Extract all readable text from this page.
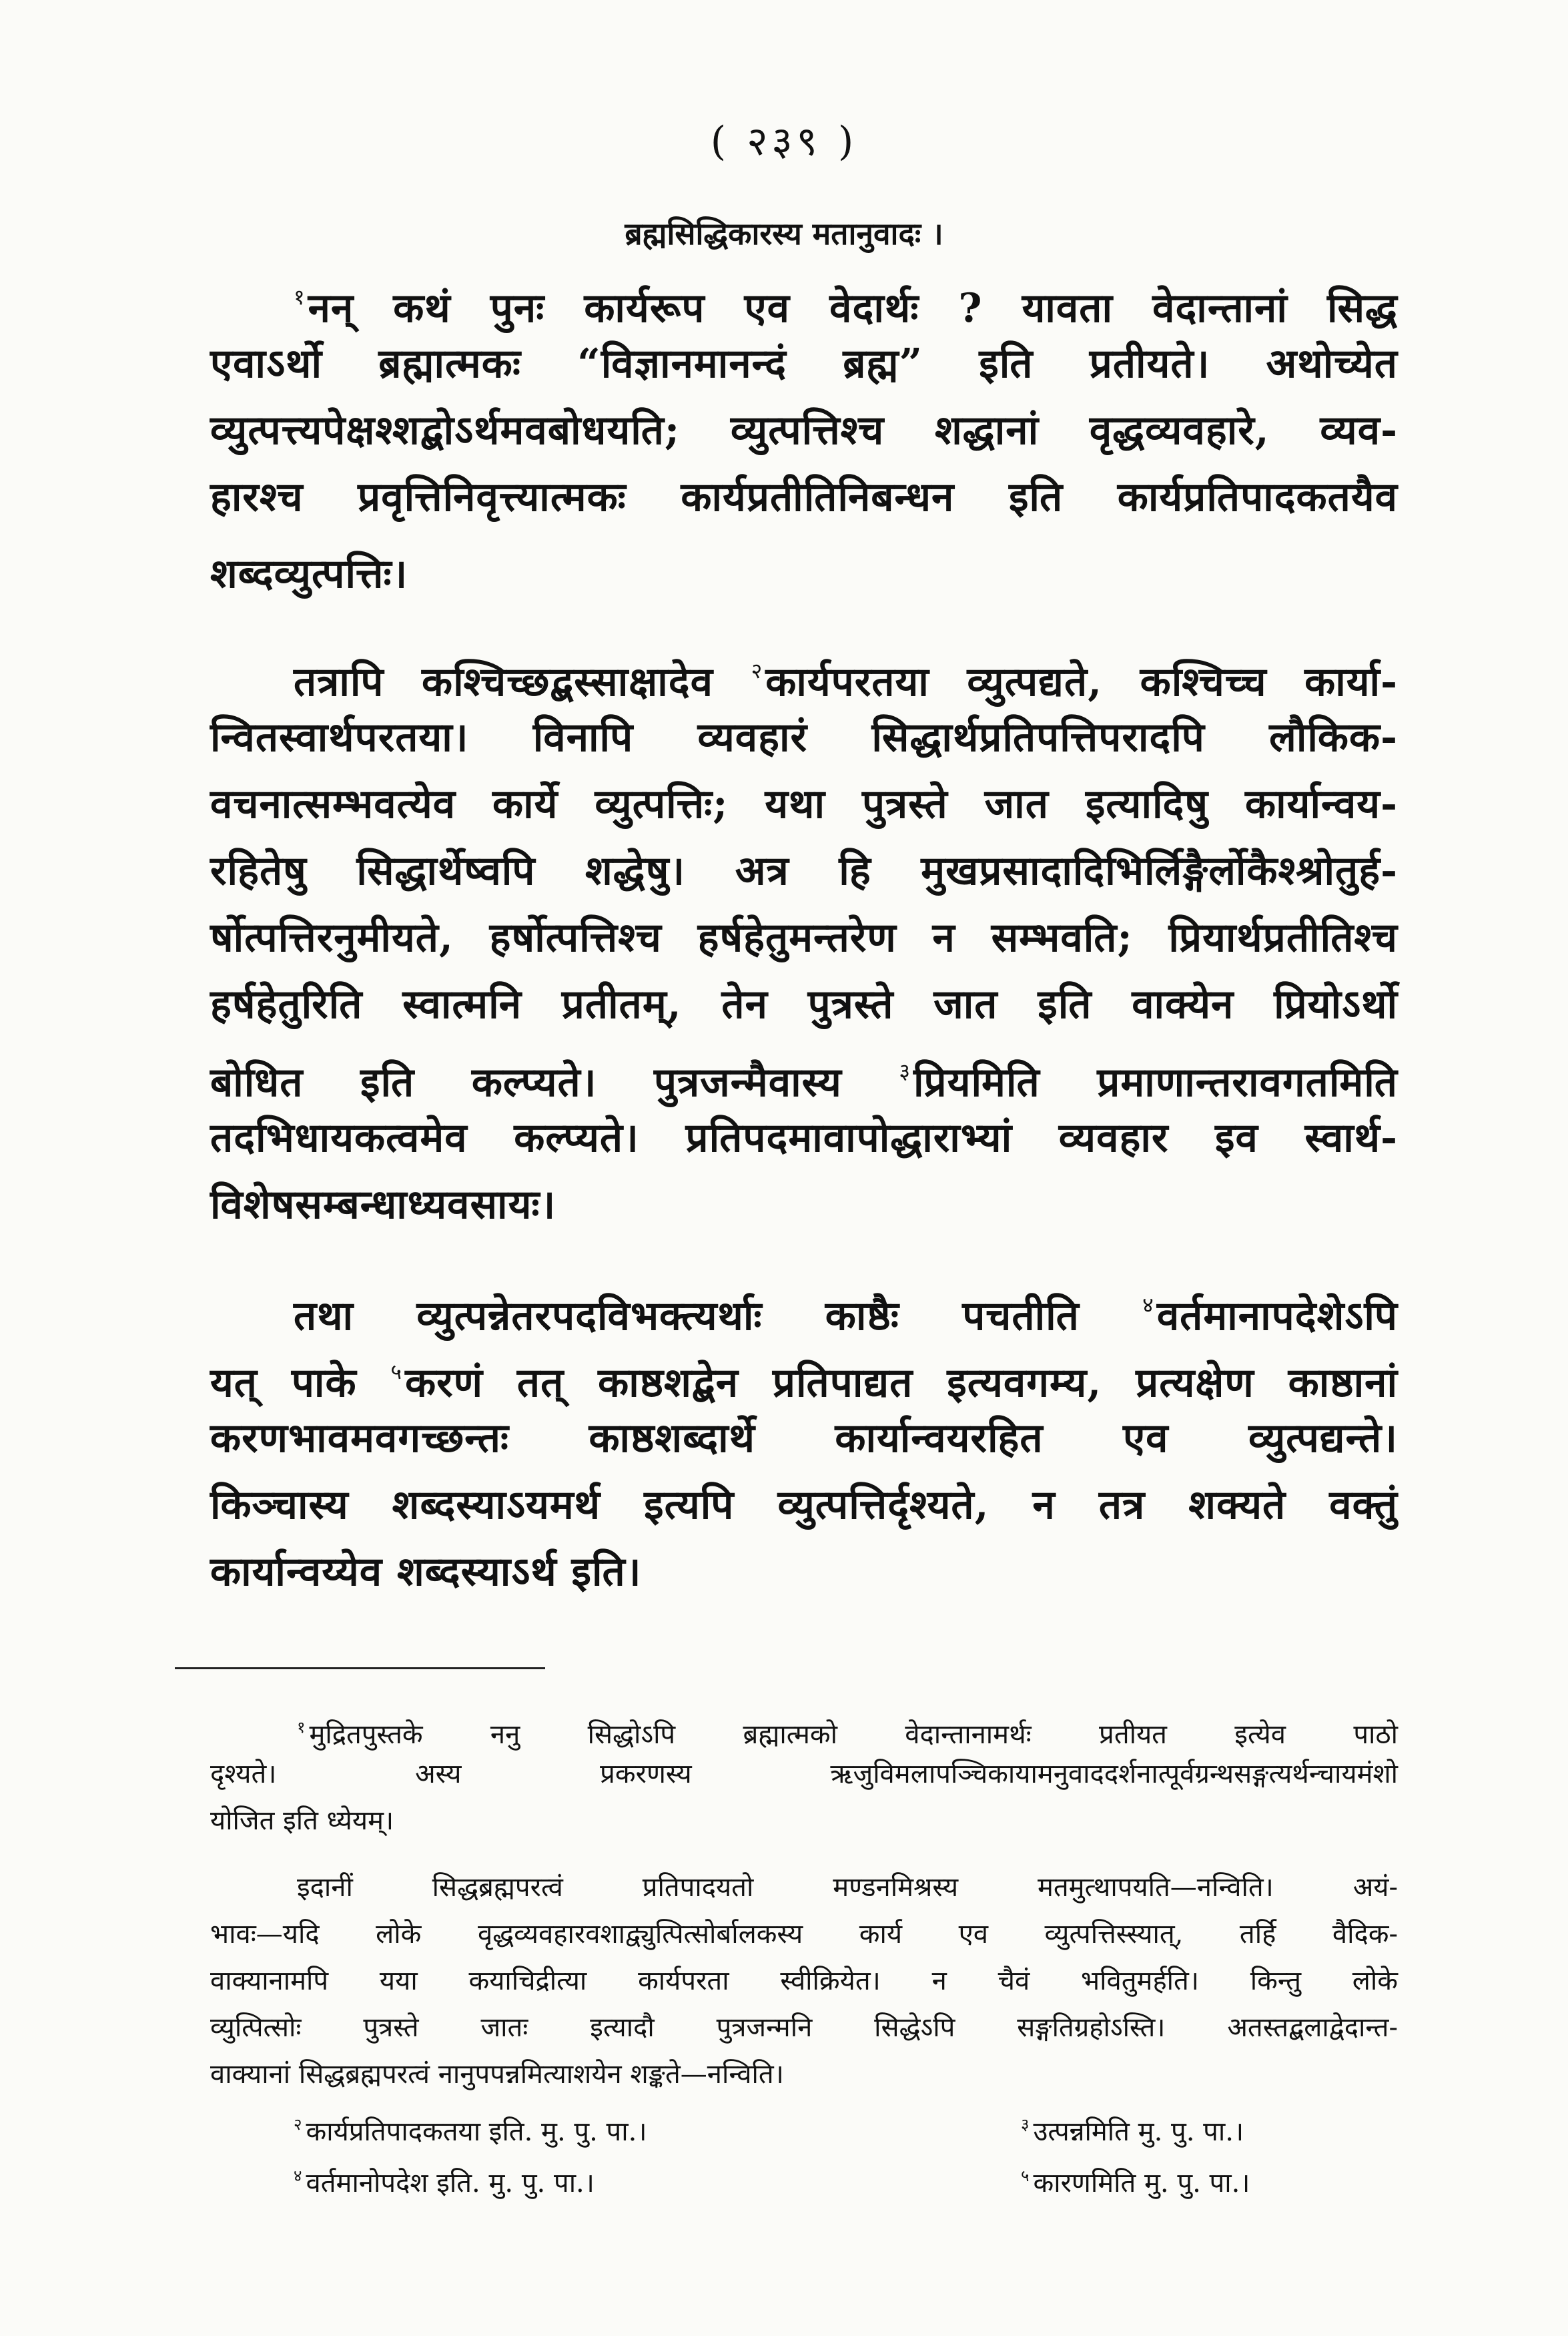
( २३९ )
ब्रह्मसिद्धिकारस्य मतानुवादः ।
$^१$नन्‌ कथं पुनः कार्यरूप एव वेदार्थः ? यावता वेदान्तानां सिद्ध
एवाऽर्थो ब्रह्मात्मकः “विज्ञानमानन्दं ब्रह्म” इति प्रतीयते। अथोच्येत
व्युत्पत्त्यपेक्षश्शद्बोऽर्थमवबोधयति; व्युत्पत्तिश्च शद्धानां वृद्धव्यवहारे, व्यव-
हारश्च प्रवृत्तिनिवृत्त्यात्मकः कार्यप्रतीतिनिबन्धन इति कार्यप्रतिपादकतयैव
शब्दव्युत्पत्तिः।
तत्रापि कश्चिच्छद्बस्साक्षादेव $^२$कार्यपरतया व्युत्पद्यते, कश्चिच्च कार्या-
न्वितस्वार्थपरतया। विनापि व्यवहारं सिद्धार्थप्रतिपत्तिपरादपि लौकिक-
वचनात्सम्भवत्येव कार्ये व्युत्पत्तिः; यथा पुत्रस्ते जात इत्यादिषु कार्यान्वय-
रहितेषु सिद्धार्थेष्वपि शद्धेषु। अत्र हि मुखप्रसादादिभिर्लिङ्गैर्लोकैश्श्रोतुर्ह-
र्षोत्पत्तिरनुमीयते, हर्षोत्पत्तिश्च हर्षहेतुमन्तरेण न सम्भवति; प्रियार्थप्रतीतिश्च
हर्षहेतुरिति स्वात्मनि प्रतीतम्, तेन पुत्रस्ते जात इति वाक्येन प्रियोऽर्थो
बोधित इति कल्प्यते। पुत्रजन्मैवास्य	$^३$प्रियमिति प्रमाणान्तरावगतमिति
तदभिधायकत्वमेव कल्प्यते। प्रतिपदमावापोद्धाराभ्यां व्यवहार इव स्वार्थ-
विशेषसम्बन्धाध्यवसायः।
तथा व्युत्पन्नेतरपदविभक्त्यर्थाः काष्ठैः पचतीति	$^४$वर्तमानापदेशेऽपि
यत्‌ पाके $^५$करणं तत्‌ काष्ठशद्बेन प्रतिपाद्यत इत्यवगम्य, प्रत्यक्षेण काष्ठानां
करणभावमवगच्छन्तः काष्ठशब्दार्थे कार्यान्वयरहित एव व्युत्पद्यन्ते।
किञ्चास्य शब्दस्याऽयमर्थ इत्यपि व्युत्पत्तिर्दृश्यते, न तत्र शक्यते वक्तुं
कार्यान्वय्येव शब्दस्याऽर्थ इति।
$^१$ मुद्रितपुस्तके ननु सिद्धोऽपि ब्रह्मात्मको वेदान्तानामर्थः प्रतीयत इत्येव पाठो
दृश्यते। अस्य प्रकरणस्य ऋजुविमलापञ्चिकायामनुवाददर्शनात्पूर्वग्रन्थसङ्गत्यर्थन्चायमंशो
योजित इति ध्येयम्।
इदानीं सिद्धब्रह्मपरत्वं प्रतिपादयतो मण्डनमिश्रस्य मतमुत्थापयति—नन्विति। अयं-
भावः—यदि लोके वृद्धव्यवहारवशाद्व्युत्पित्सोर्बालकस्य कार्य एव व्युत्पत्तिस्स्यात्‌, तर्हि वैदिक-
वाक्यानामपि यया कयाचिद्रीत्या कार्यपरता स्वीक्रियेत। न चैवं भवितुमर्हति। किन्तु लोके
व्युत्पित्सोः पुत्रस्ते जातः इत्यादौ पुत्रजन्मनि सिद्धेऽपि सङ्गतिग्रहोऽस्ति। अतस्तद्बलाद्वेदान्त-
वाक्यानां सिद्धब्रह्मपरत्वं नानुपपन्नमित्याशयेन शङ्कते—नन्विति।
$^२$ कार्यप्रतिपादकतया इति. मु. पु. पा.।	$^३$ उत्पन्नमिति मु. पु. पा.।
$^४$ वर्तमानोपदेश इति. मु. पु. पा.।	$^५$ कारणमिति मु. पु. पा.।
